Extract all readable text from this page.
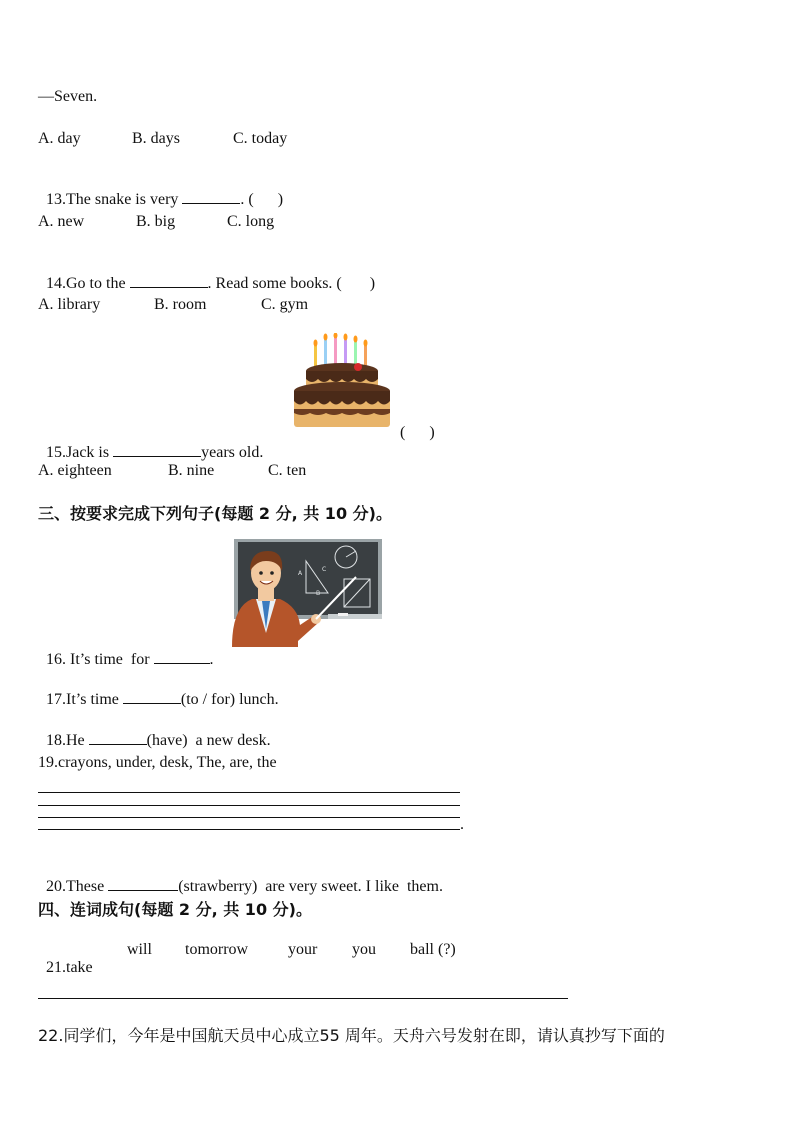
—Seven.
A. day	B. days	C. today

13.The snake is very	. (      )

A. new	B. big	C. long

14.Go to the	. Read some books. (       )

A. library	B. room	C. gym

15.Jack is	years old.

(      )
A. eighteen	B. nine	C. ten
三、按要求完成下列句子(每题 2 分, 共 10 分)。
A
C
B

16. It’s time  for	.

17.It’s time	(to / for) lunch.

18.He	(have)  a new desk.

19.crayons, under, desk, The, are, the
.

20.These	(strawberry)  are very sweet. I like  them.

四、连词成句(每题 2 分, 共 10 分)。

21.take

will tomorrow your you ball (?)
22.同学们，今年是中国航天员中心成立55 周年。天舟六号发射在即，请认真抄写下面的
